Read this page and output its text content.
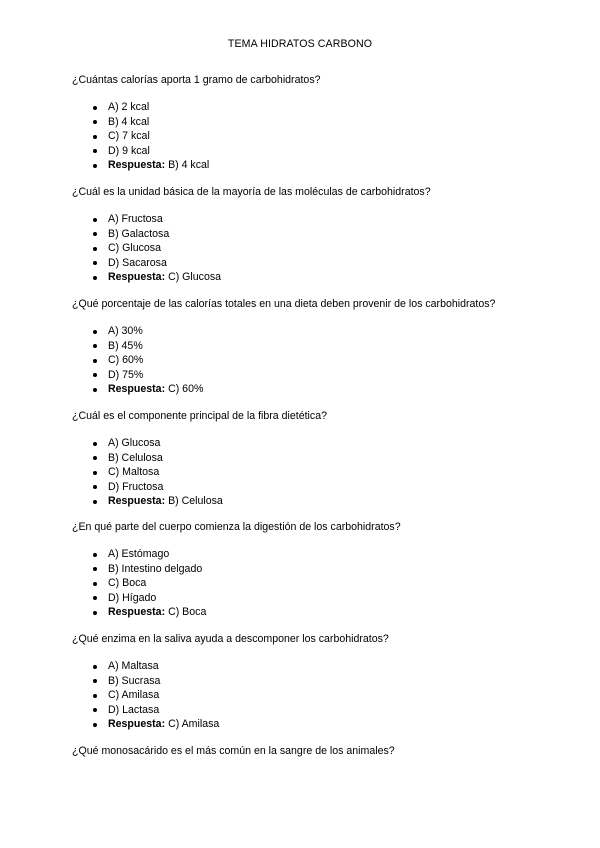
TEMA HIDRATOS CARBONO
¿Cuántas calorías aporta 1 gramo de carbohidratos?
A) 2 kcal
B) 4 kcal
C) 7 kcal
D) 9 kcal
Respuesta: B) 4 kcal
¿Cuál es la unidad básica de la mayoría de las moléculas de carbohidratos?
A) Fructosa
B) Galactosa
C) Glucosa
D) Sacarosa
Respuesta: C) Glucosa
¿Qué porcentaje de las calorías totales en una dieta deben provenir de los carbohidratos?
A) 30%
B) 45%
C) 60%
D) 75%
Respuesta: C) 60%
¿Cuál es el componente principal de la fibra dietética?
A) Glucosa
B) Celulosa
C) Maltosa
D) Fructosa
Respuesta: B) Celulosa
¿En qué parte del cuerpo comienza la digestión de los carbohidratos?
A) Estómago
B) Intestino delgado
C) Boca
D) Hígado
Respuesta: C) Boca
¿Qué enzima en la saliva ayuda a descomponer los carbohidratos?
A) Maltasa
B) Sucrasa
C) Amilasa
D) Lactasa
Respuesta: C) Amilasa
¿Qué monosacárido es el más común en la sangre de los animales?
